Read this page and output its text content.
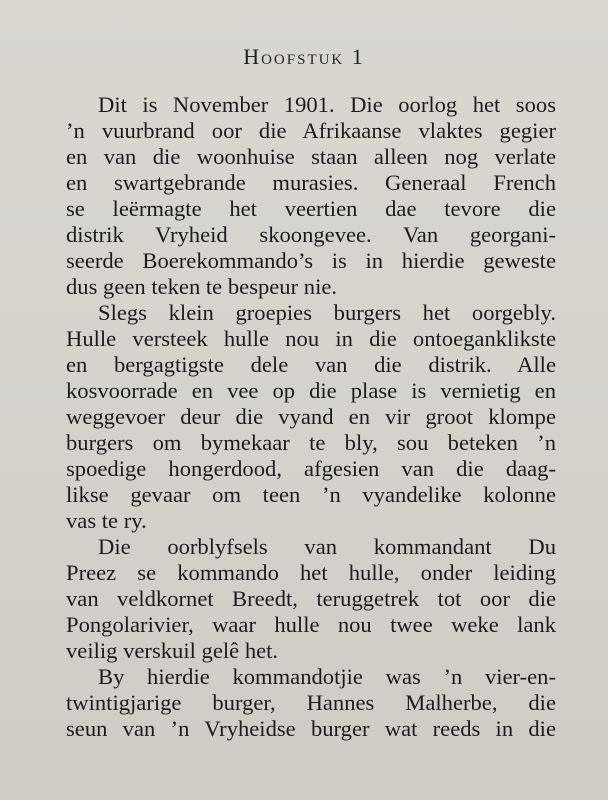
Hoofstuk 1
Dit is November 1901. Die oorlog het soos
’n vuurbrand oor die Afrikaanse vlaktes gegier
en van die woonhuise staan alleen nog verlate
en swartgebrande murasies. Generaal French
se leërmagte het veertien dae tevore die
distrik Vryheid skoongevee. Van georgani-
seerde Boerekommando’s is in hierdie geweste
dus geen teken te bespeur nie.
Slegs klein groepies burgers het oorgebly.
Hulle versteek hulle nou in die ontoeganklikste
en bergagtigste dele van die distrik. Alle
kosvoorrade en vee op die plase is vernietig en
weggevoer deur die vyand en vir groot klompe
burgers om bymekaar te bly, sou beteken ’n
spoedige hongerdood, afgesien van die daag-
likse gevaar om teen ’n vyandelike kolonne
vas te ry.
Die oorblyfsels van kommandant Du
Preez se kommando het hulle, onder leiding
van veldkornet Breedt, teruggetrek tot oor die
Pongolarivier, waar hulle nou twee weke lank
veilig verskuil gelê het.
By hierdie kommandotjie was ’n vier-en-
twintigjarige burger, Hannes Malherbe, die
seun van ’n Vryheidse burger wat reeds in die
